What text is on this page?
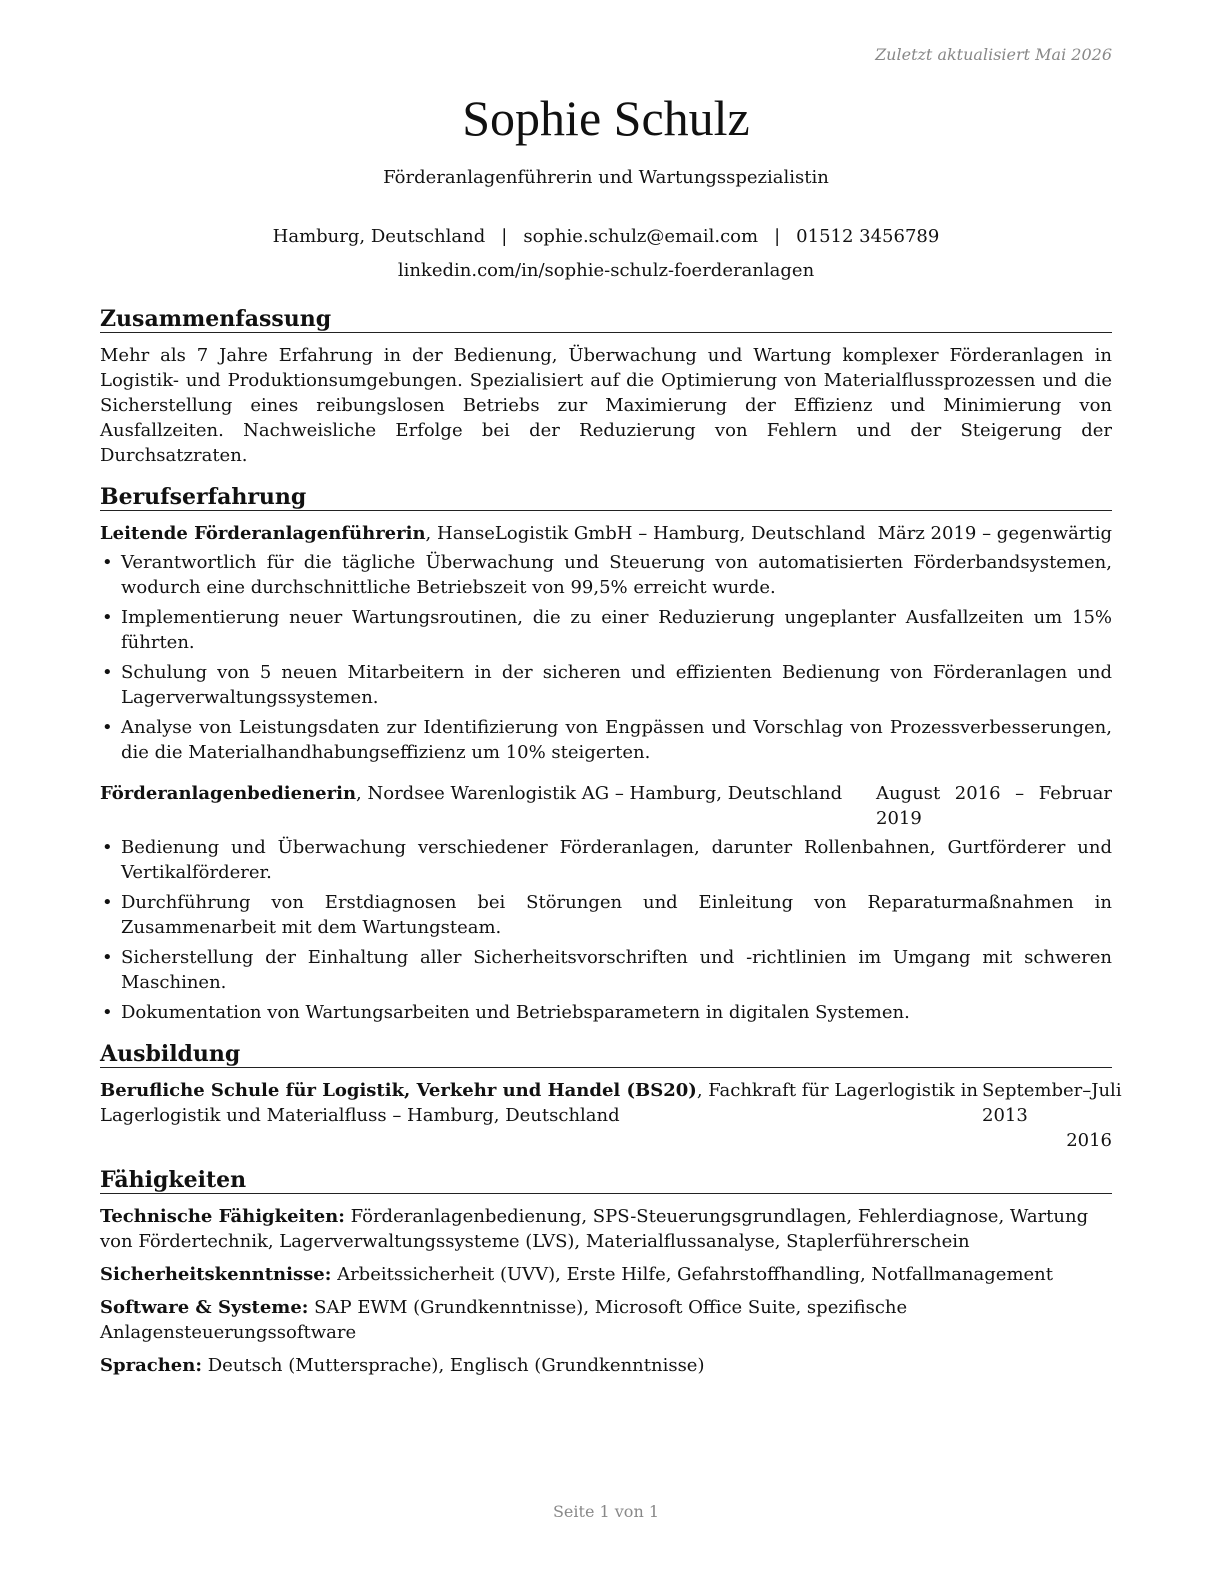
Zuletzt aktualisiert Mai 2026
Sophie Schulz
Förderanlagenführerin und Wartungsspezialistin
Hamburg, Deutschland | sophie.schulz@email.com | 01512 3456789
linkedin.com/in/sophie-schulz-foerderanlagen
Zusammenfassung
Mehr als 7 Jahre Erfahrung in der Bedienung, Überwachung und Wartung komplexer Förderanlagen in Logistik- und Produktionsumgebungen. Spezialisiert auf die Optimierung von Materialflussprozessen und die Sicherstellung eines reibungslosen Betriebs zur Maximierung der Effizienz und Minimierung von Ausfallzeiten. Nachweisliche Erfolge bei der Reduzierung von Fehlern und der Steigerung der Durchsatzraten.
Berufserfahrung
Leitende Förderanlagenführerin, HanseLogistik GmbH – Hamburg, Deutschland März 2019 – gegenwärtig
• Verantwortlich für die tägliche Überwachung und Steuerung von automatisierten Förderbandsystemen, wodurch eine durchschnittliche Betriebszeit von 99,5% erreicht wurde.
• Implementierung neuer Wartungsroutinen, die zu einer Reduzierung ungeplanter Ausfallzeiten um 15% führten.
• Schulung von 5 neuen Mitarbeitern in der sicheren und effizienten Bedienung von Förderanlagen und Lagerverwaltungssystemen.
• Analyse von Leistungsdaten zur Identifizierung von Engpässen und Vorschlag von Prozessverbesserungen, die die Materialhandhabungseffizienz um 10% steigerten.
Förderanlagenbedienerin, Nordsee Warenlogistik AG – Hamburg, Deutschland	August 2016 – Februar
2019
• Bedienung und Überwachung verschiedener Förderanlagen, darunter Rollenbahnen, Gurtförderer und Vertikalförderer.
• Durchführung von Erstdiagnosen bei Störungen und Einleitung von Reparaturmaßnahmen in Zusammenarbeit mit dem Wartungsteam.
• Sicherstellung der Einhaltung aller Sicherheitsvorschriften und -richtlinien im Umgang mit schweren Maschinen.
• Dokumentation von Wartungsarbeiten und Betriebsparametern in digitalen Systemen.
Ausbildung
Berufliche Schule für Logistik, Verkehr und Handel (BS20), Fachkraft für Lagerlogistik in Lagerlogistik und Materialfluss – Hamburg, Deutschland
September 2013
– Juli
2016
Fähigkeiten
Technische Fähigkeiten: Förderanlagenbedienung, SPS-Steuerungsgrundlagen, Fehlerdiagnose, Wartung von Fördertechnik, Lagerverwaltungssysteme (LVS), Materialflussanalyse, Staplerführerschein
Sicherheitskenntnisse: Arbeitssicherheit (UVV), Erste Hilfe, Gefahrstoffhandling, Notfallmanagement
Software & Systeme: SAP EWM (Grundkenntnisse), Microsoft Office Suite, spezifische Anlagensteuerungssoftware
Sprachen: Deutsch (Muttersprache), Englisch (Grundkenntnisse)
Seite 1 von 1
